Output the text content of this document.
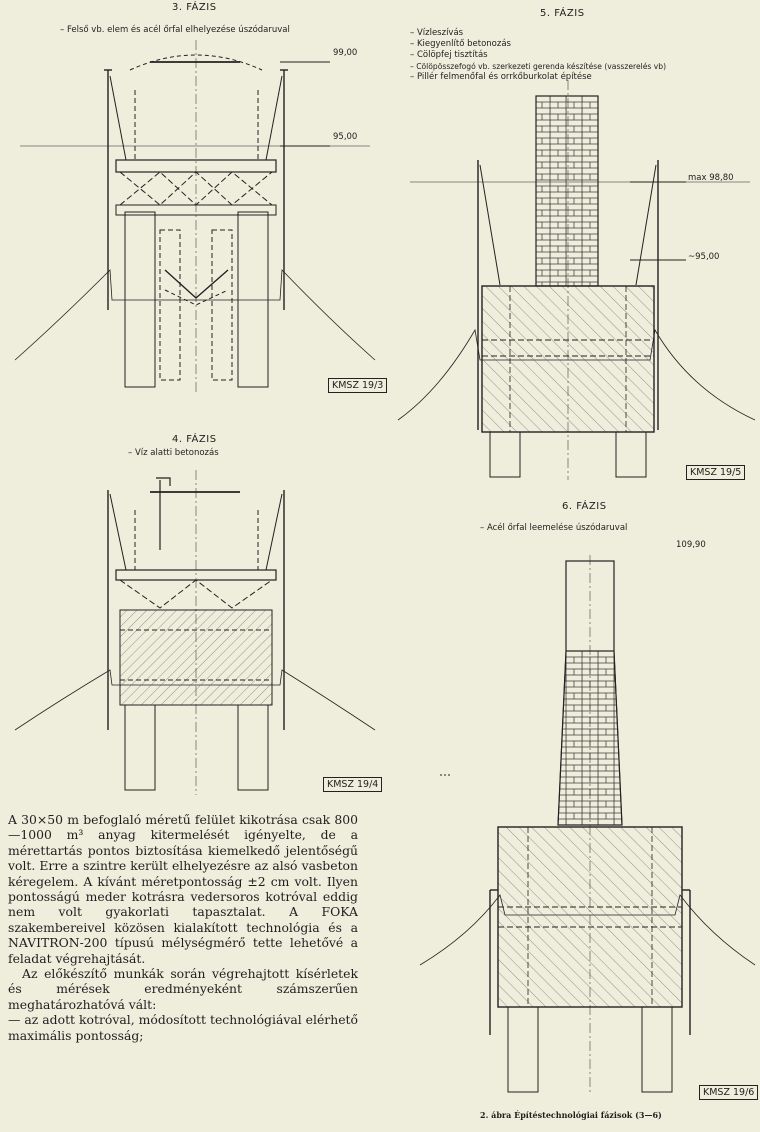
3. FÁZIS
– Felső vb. elem és acél őrfal elhelyezése úszódaruval
99,00
95,00
KMSZ 19/3
4. FÁZIS
– Víz alatti betonozás
KMSZ 19/4
5. FÁZIS
– Vízleszívás
– Kiegyenlítő betonozás
– Cölöpfej tisztítás
– Cölöpösszefogó vb. szerkezeti gerenda készítése (vasszerelés vb)
– Pillér felmenőfal és orrkőburkolat építése
max 98,80
~95,00
KMSZ 19/5
6. FÁZIS
– Acél őrfal leemelése úszódaruval
109,90
KMSZ 19/6

A 30×50 m befoglaló méretű felület kikotrása csak 800—1000 m³ anyag kitermelését igényelte, de a mérettartás pontos biztosítása kiemelkedő jelentőségű volt. Erre a szintre került elhelyezésre az alsó vasbeton kéregelem. A kívánt méretpontosság ±2 cm volt. Ilyen pontosságú meder kotrásra vedersoros kotróval eddig nem volt gyakorlati tapasztalat. A FOKA szakembereivel közösen kialakított technológia és a NAVITRON-200 típusú mélységmérő tette lehetővé a feladat végrehajtását.

Az előkészítő munkák során végrehajtott kísérletek és mérések eredményeként számszerűen meghatározhatóvá vált:

— az adott kotróval, módosított technológiával elérhető maximális pontosság;

2. ábra Építéstechnológiai fázisok (3—6)
